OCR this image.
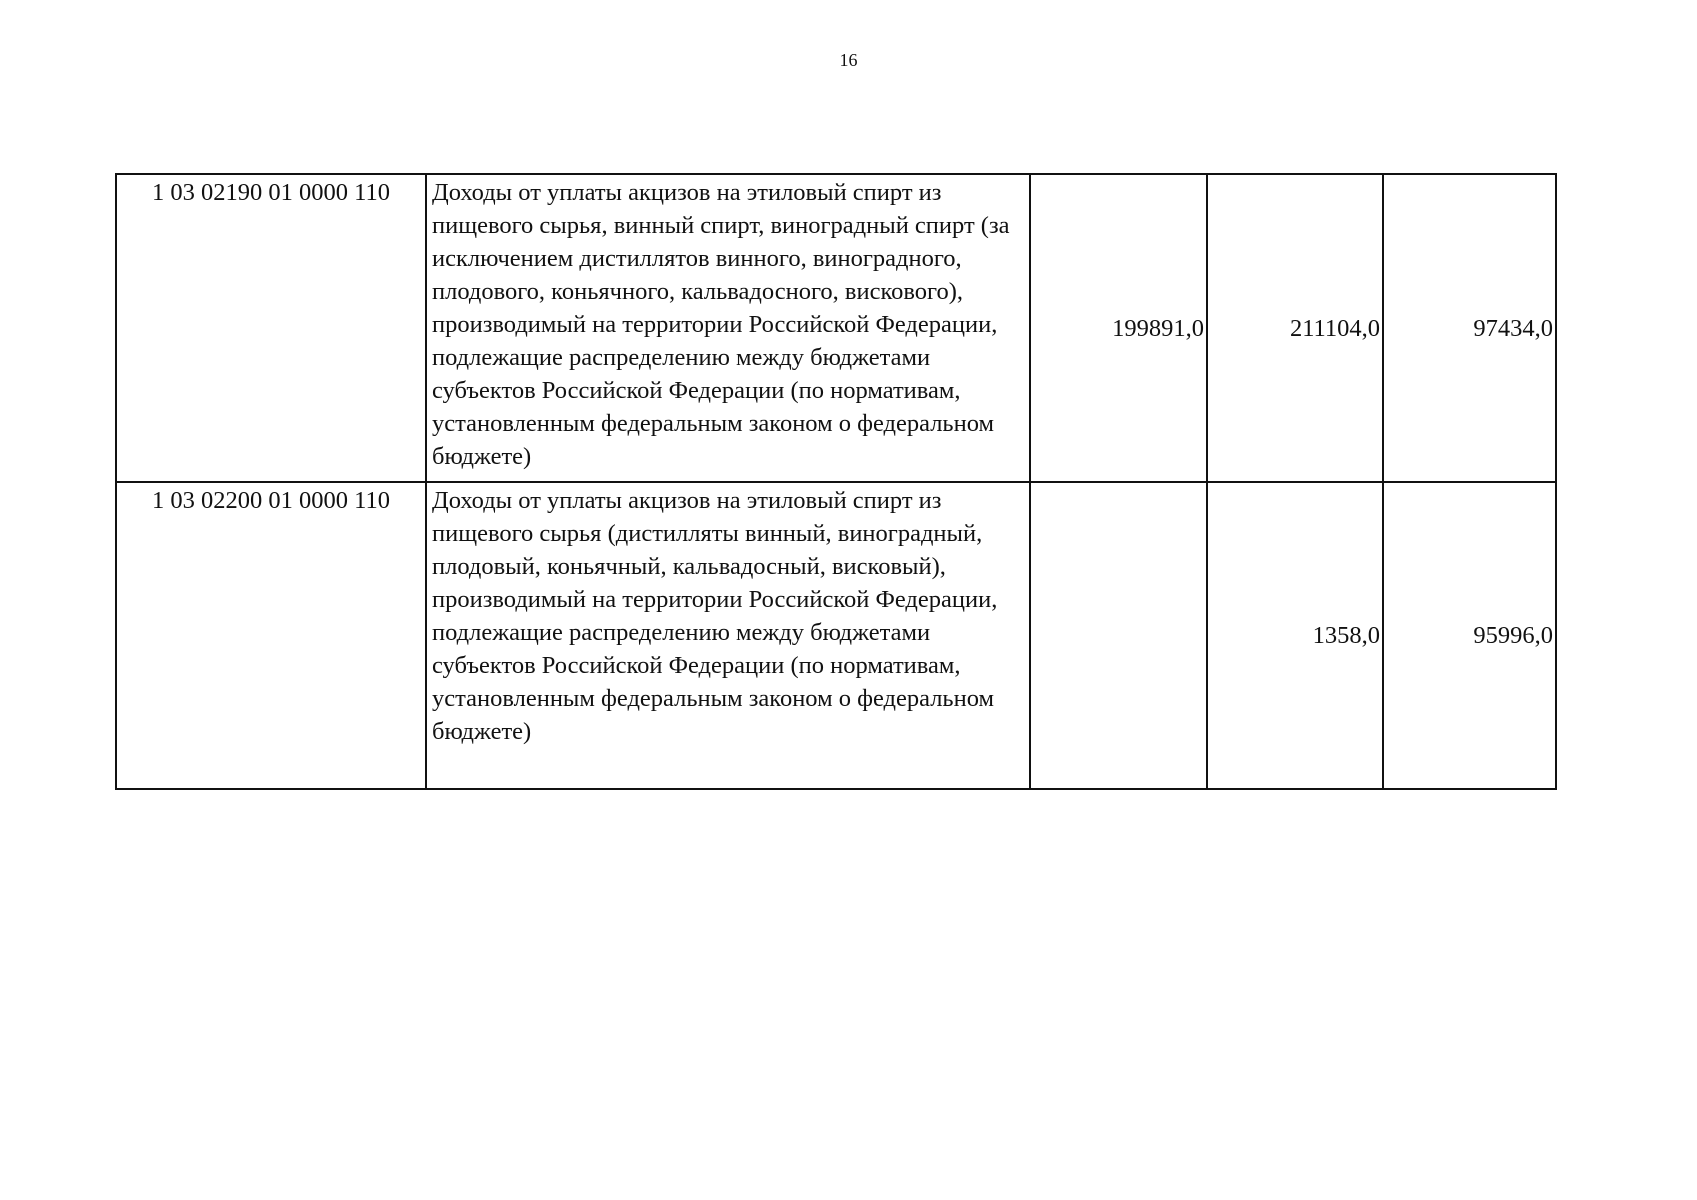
16
1 03 02190 01 0000 110	Доходы от уплаты акцизов на этиловый спирт из пищевого сырья, винный спирт, виноградный спирт (за исключением дистиллятов винного, виноградного, плодового, коньячного, кальвадосного, вискового), производимый на территории Российской Федерации, подлежащие распределению между бюджетами субъектов Российской Федерации (по нормативам, установленным федеральным законом о федеральном бюджете)	199891,0	211104,0	97434,0
1 03 02200 01 0000 110	Доходы от уплаты акцизов на этиловый спирт из пищевого сырья (дистилляты винный, виноградный, плодовый, коньячный, кальвадосный, висковый), производимый на территории Российской Федерации, подлежащие распределению между бюджетами субъектов Российской Федерации (по нормативам, установленным федеральным законом о федеральном бюджете)		1358,0	95996,0
